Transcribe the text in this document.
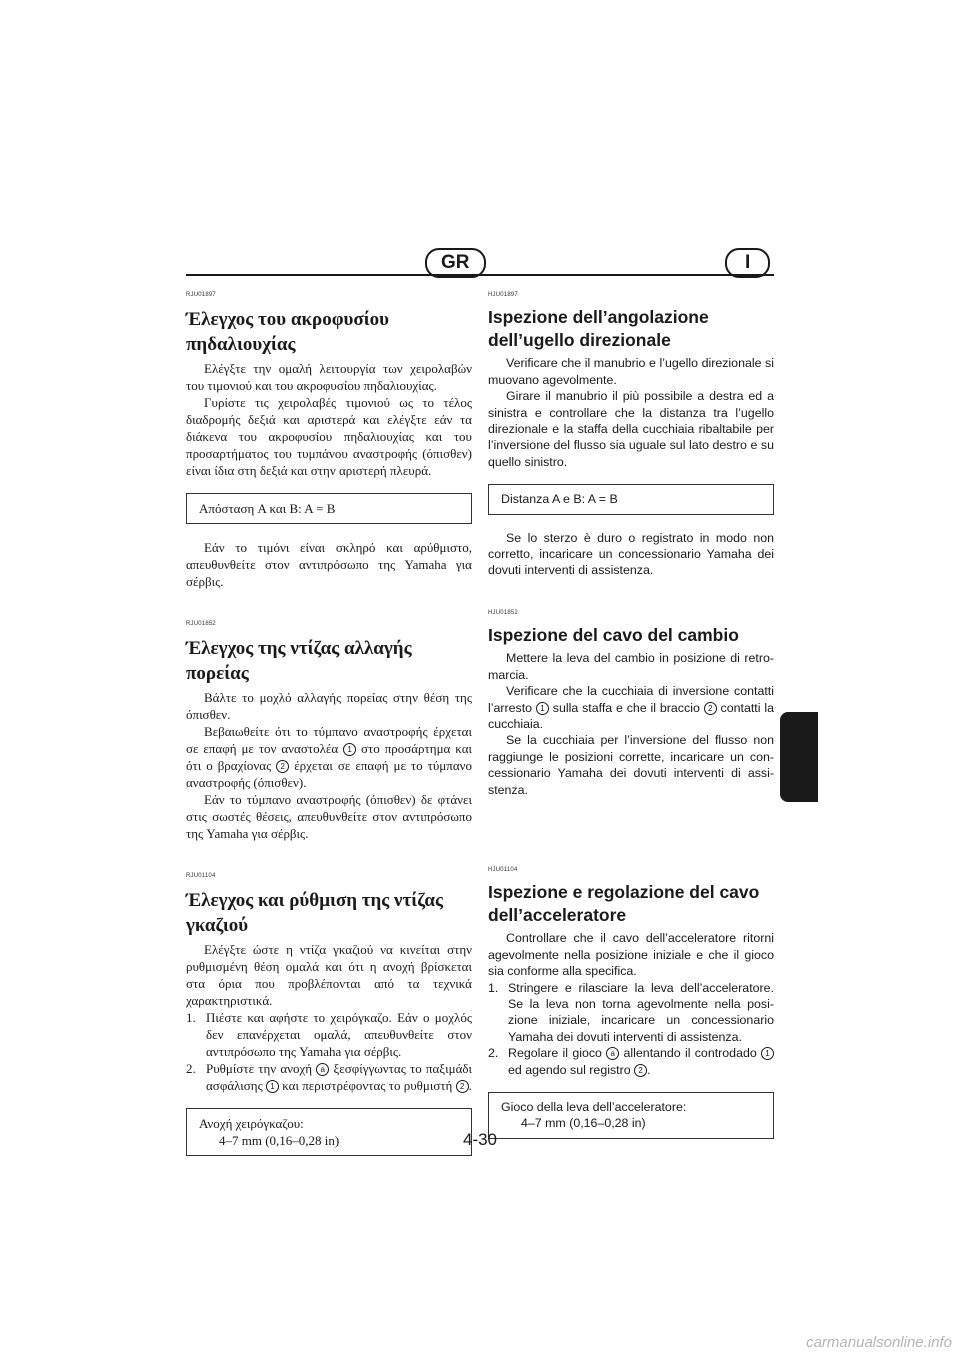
GR	I
RJU01897
Έλεγχος του ακροφυσίου
πηδαλιουχίας

Ελέγξτε την ομαλή λειτουργία των χειρολαβών του τιμονιού και του ακροφυσίου πηδαλιουχίας.

Γυρίστε τις χειρολαβές τιμονιού ως το τέλος διαδρομής δεξιά και αριστερά και ελέγξτε εάν τα διάκενα του ακροφυσίου πηδαλιουχίας και του προσαρτήματος του τυμπάνου αναστροφής (όπισθεν) είναι ίδια στη δεξιά και στην αριστερή πλευρά.

Απόσταση A και B: A = B

Εάν το τιμόνι είναι σκληρό και αρύθμιστο, απευθυνθείτε στον αντιπρόσωπο της Yamaha για σέρβις.

RJU01852
Έλεγχος της ντίζας αλλαγής
πορείας

Βάλτε το μοχλό αλλαγής πορείας στην θέση της όπισθεν.

Βεβαιωθείτε ότι το τύμπανο αναστροφής έρχεται σε επαφή με τον αναστολέα 1 στο προσάρτημα και ότι ο βραχίονας 2 έρχεται σε επαφή με το τύμπανο αναστροφής (όπισθεν).

Εάν το τύμπανο αναστροφής (όπισθεν) δε φτάνει στις σωστές θέσεις, απευθυνθείτε στον αντιπρόσωπο της Yamaha για σέρβις.

RJU01104
Έλεγχος και ρύθμιση της ντίζας
γκαζιού

Ελέγξτε ώστε η ντίζα γκαζιού να κινείται στην ρυθμισμένη θέση ομαλά και ότι η ανοχή βρίσκεται στα όρια που προβλέπονται από τα τεχνικά χαρακτηριστικά.

1. Πιέστε και αφήστε το χειρόγκαζο. Εάν ο μοχλός δεν επανέρχεται ομαλά, απευθυνθείτε στον αντιπρόσωπο της Yamaha για σέρβις.
2. Ρυθμίστε την ανοχή a ξεσφίγγωντας το παξιμάδι ασφάλισης 1 και περιστρέφοντας το ρυθμιστή 2 .
Ανοχή χειρόγκαζου:
4–7 mm (0,16–0,28 in)
HJU01897
Ispezione dell’angolazione
dell’ugello direzionale

Verificare che il manubrio e l’ugello direzionale si muovano agevolmente.

Girare il manubrio il più possibile a destra ed a sinistra e controllare che la distanza tra l’ugello direzionale e la staffa della cucchiaia ribaltabile per l’inversione del flusso sia uguale sul lato destro e su quello sinistro.

Distanza A e B: A = B

Se lo sterzo è duro o registrato in modo non corretto, incaricare un concessionario Yamaha dei dovuti interventi di assistenza.

HJU01852
Ispezione del cavo del cambio

Mettere la leva del cambio in posizione di retro-marcia.

Verificare che la cucchiaia di inversione contatti l’arresto 1 sulla staffa e che il braccio 2 contatti la cucchiaia.

Se la cucchiaia per l’inversione del flusso non raggiunge le posizioni corrette, incaricare un con-cessionario Yamaha dei dovuti interventi di assi-stenza.

HJU01104
Ispezione e regolazione del cavo
dell’acceleratore

Controllare che il cavo dell’acceleratore ritorni agevolmente nella posizione iniziale e che il gioco sia conforme alla specifica.

1. Stringere e rilasciare la leva dell’acceleratore. Se la leva non torna agevolmente nella posi-zione iniziale, incaricare un concessionario Yamaha dei dovuti interventi di assistenza.
2. Regolare il gioco a allentando il controdado 1 ed agendo sul registro 2 .
Gioco della leva dell’acceleratore:
4–7 mm (0,16–0,28 in)
4-30
carmanualsonline.info
